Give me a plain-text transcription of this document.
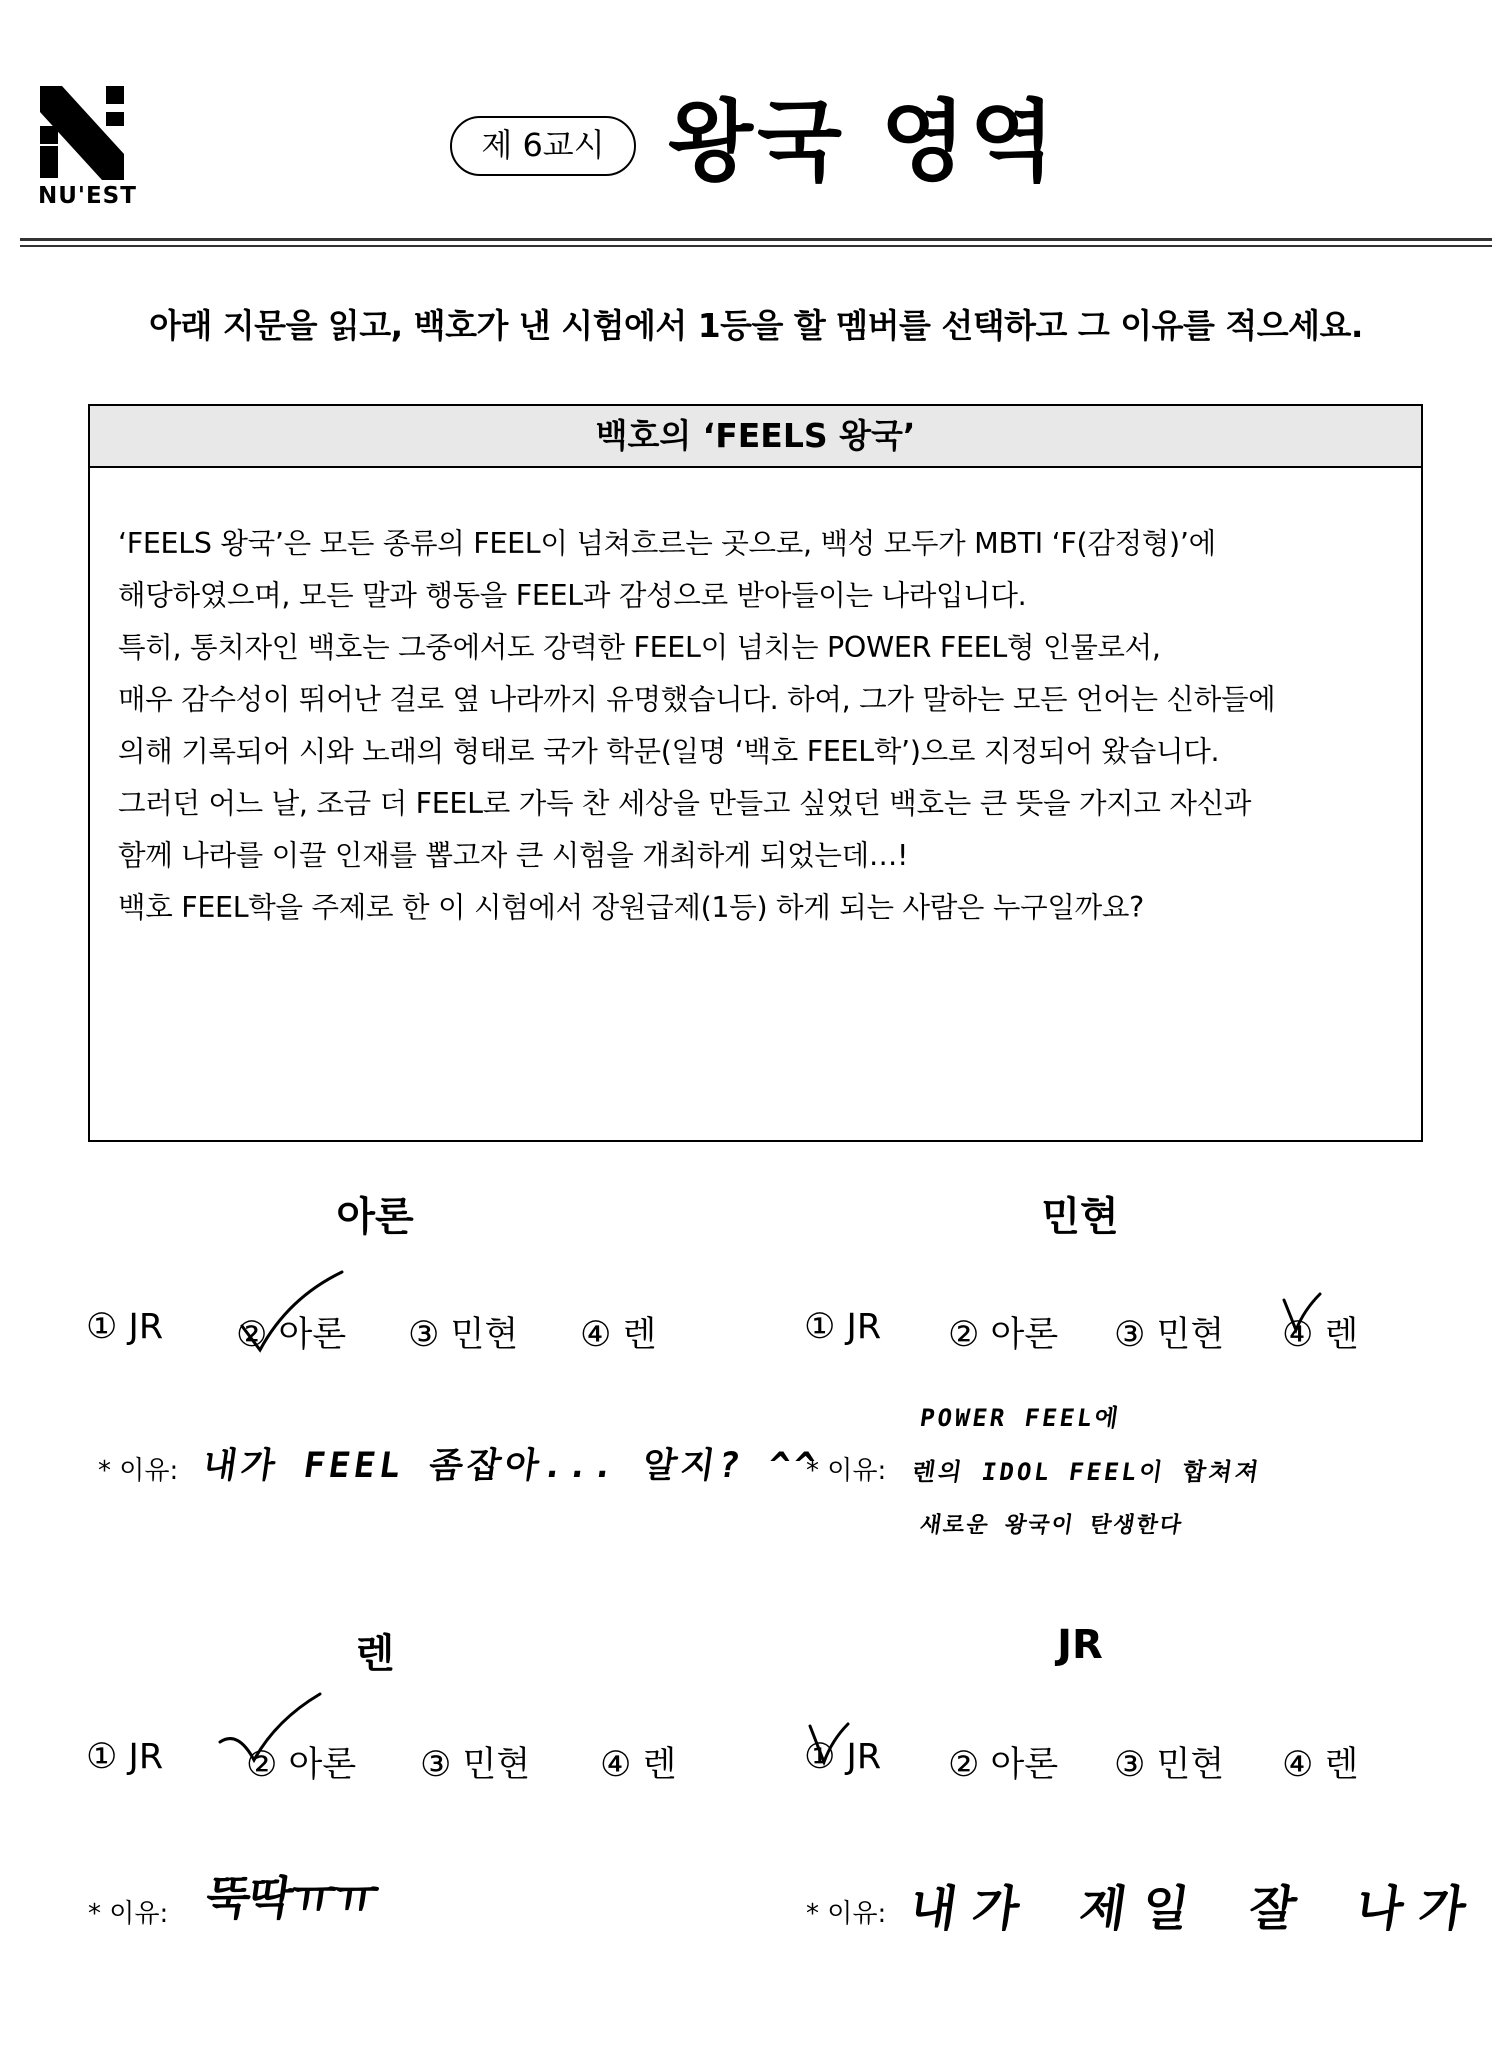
NU'EST
제 6교시 왕국 영역
아래 지문을 읽고, 백호가 낸 시험에서 1등을 할 멤버를 선택하고 그 이유를 적으세요.
백호의 ‘FEELS 왕국’
‘FEELS 왕국’은 모든 종류의 FEEL이 넘쳐흐르는 곳으로, 백성 모두가 MBTI ‘F(감정형)’에
해당하였으며, 모든 말과 행동을 FEEL과 감성으로 받아들이는 나라입니다.
특히, 통치자인 백호는 그중에서도 강력한 FEEL이 넘치는 POWER FEEL형 인물로서,
매우 감수성이 뛰어난 걸로 옆 나라까지 유명했습니다. 하여, 그가 말하는 모든 언어는 신하들에
의해 기록되어 시와 노래의 형태로 국가 학문(일명 ‘백호 FEEL학’)으로 지정되어 왔습니다.
그러던 어느 날, 조금 더 FEEL로 가득 찬 세상을 만들고 싶었던 백호는 큰 뜻을 가지고 자신과
함께 나라를 이끌 인재를 뽑고자 큰 시험을 개최하게 되었는데…!
백호 FEEL학을 주제로 한 이 시험에서 장원급제(1등) 하게 되는 사람은 누구일까요?
아론
① JR ② 아론 ③ 민현 ④ 렌
* 이유: 내가 FEEL 좀잡아... 알지? ^^
민현
① JR ② 아론 ③ 민현 ④ 렌
* 이유:
POWER FEEL에
렌의 IDOL FEEL이 합쳐져
새로운 왕국이 탄생한다
렌
① JR ② 아론 ③ 민현 ④ 렌
* 이유: 뚝딱ㅠㅠ
JR
① JR ② 아론 ③ 민현 ④ 렌
* 이유: 내가 제일 잘 나가
